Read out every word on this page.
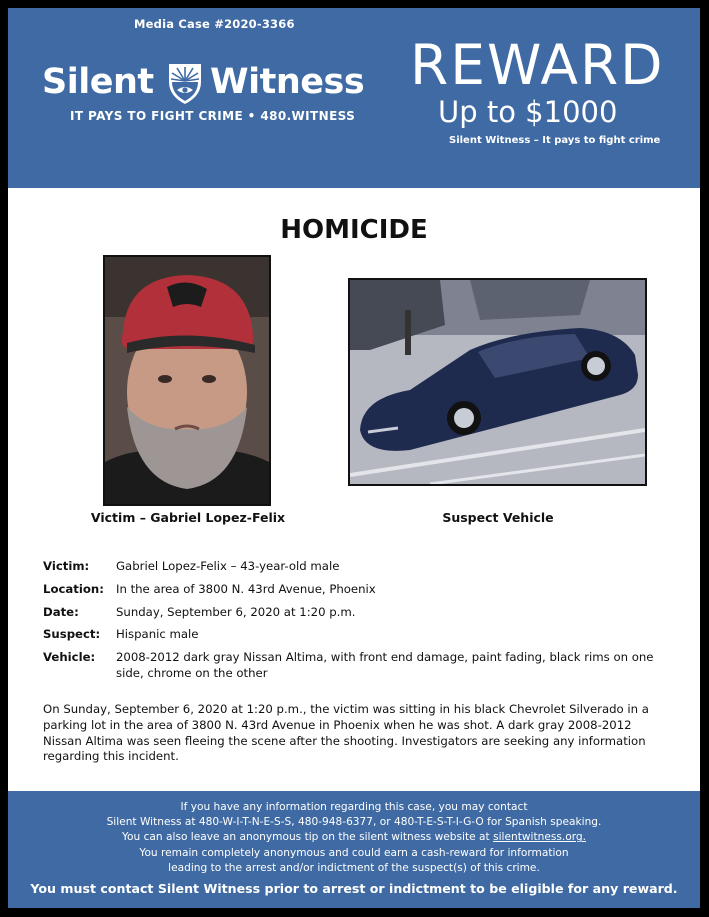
Media Case #2020-3366
Silent Witness
IT PAYS TO FIGHT CRIME • 480.WITNESS
REWARD
Up to $1000
Silent Witness – It pays to fight crime
HOMICIDE
Victim – Gabriel Lopez-Felix	Suspect Vehicle
Victim:	Gabriel Lopez-Felix – 43-year-old male
Location:	In the area of 3800 N. 43rd Avenue, Phoenix
Date:	Sunday, September 6, 2020 at 1:20 p.m.
Suspect:	Hispanic male
Vehicle:	2008-2012 dark gray Nissan Altima, with front end damage, paint fading, black rims on one side, chrome on the other
On Sunday, September 6, 2020 at 1:20 p.m., the victim was sitting in his black Chevrolet Silverado in a parking lot in the area of 3800 N. 43rd Avenue in Phoenix when he was shot. A dark gray 2008-2012 Nissan Altima was seen fleeing the scene after the shooting. Investigators are seeking any information regarding this incident.
If you have any information regarding this case, you may contact
Silent Witness at 480-W-I-T-N-E-S-S, 480-948-6377, or 480-T-E-S-T-I-G-O for Spanish speaking.
You can also leave an anonymous tip on the silent witness website at silentwitness.org.
You remain completely anonymous and could earn a cash-reward for information
leading to the arrest and/or indictment of the suspect(s) of this crime.
You must contact Silent Witness prior to arrest or indictment to be eligible for any reward.
